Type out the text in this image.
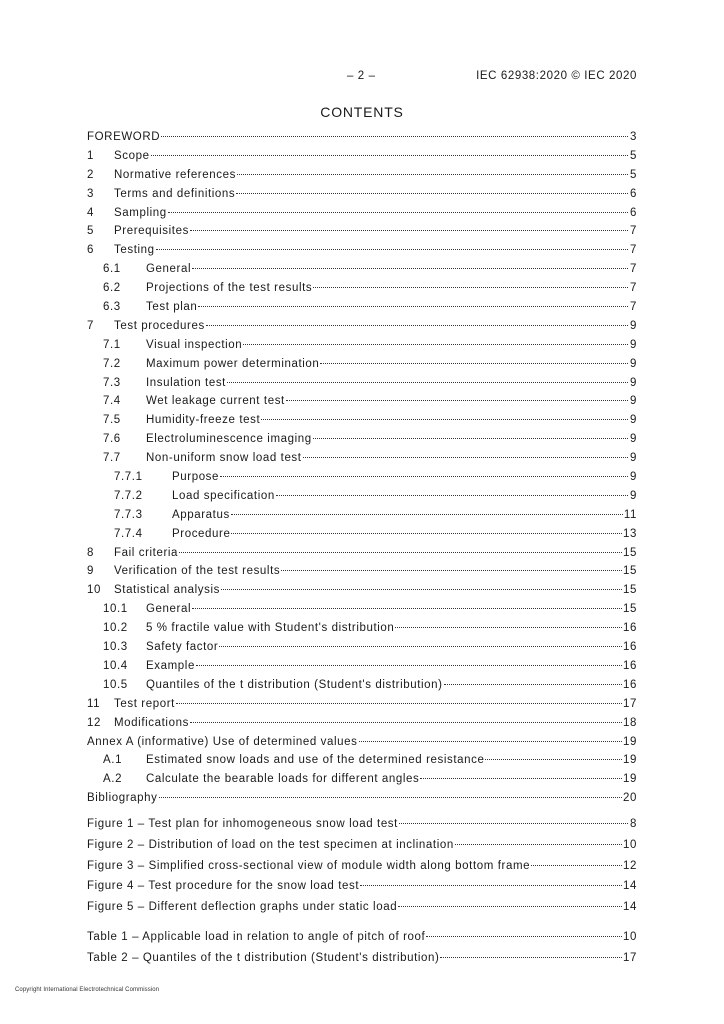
– 2 –	IEC 62938:2020 © IEC 2020
CONTENTS
FOREWORD	3
1	Scope	5
2	Normative references	5
3	Terms and definitions	6
4	Sampling	6
5	Prerequisites	7
6	Testing	7
6.1	General	7
6.2	Projections of the test results	7
6.3	Test plan	7
7	Test procedures	9
7.1	Visual inspection	9
7.2	Maximum power determination	9
7.3	Insulation test	9
7.4	Wet leakage current test	9
7.5	Humidity-freeze test	9
7.6	Electroluminescence imaging	9
7.7	Non-uniform snow load test	9
7.7.1	Purpose	9
7.7.2	Load specification	9
7.7.3	Apparatus	11
7.7.4	Procedure	13
8	Fail criteria	15
9	Verification of the test results	15
10	Statistical analysis	15
10.1	General	15
10.2	5 % fractile value with Student's distribution	16
10.3	Safety factor	16
10.4	Example	16
10.5	Quantiles of the t distribution (Student's distribution)	16
11	Test report	17
12	Modifications	18
Annex A (informative) Use of determined values	19
A.1	Estimated snow loads and use of the determined resistance	19
A.2	Calculate the bearable loads for different angles	19
Bibliography	20
Figure 1 – Test plan for inhomogeneous snow load test	8
Figure 2 – Distribution of load on the test specimen at inclination	10
Figure 3 – Simplified cross-sectional view of module width along bottom frame	12
Figure 4 – Test procedure for the snow load test	14
Figure 5 – Different deflection graphs under static load	14
Table 1 – Applicable load in relation to angle of pitch of roof	10
Table 2 – Quantiles of the t distribution (Student's distribution)	17
Copyright International Electrotechnical Commission
